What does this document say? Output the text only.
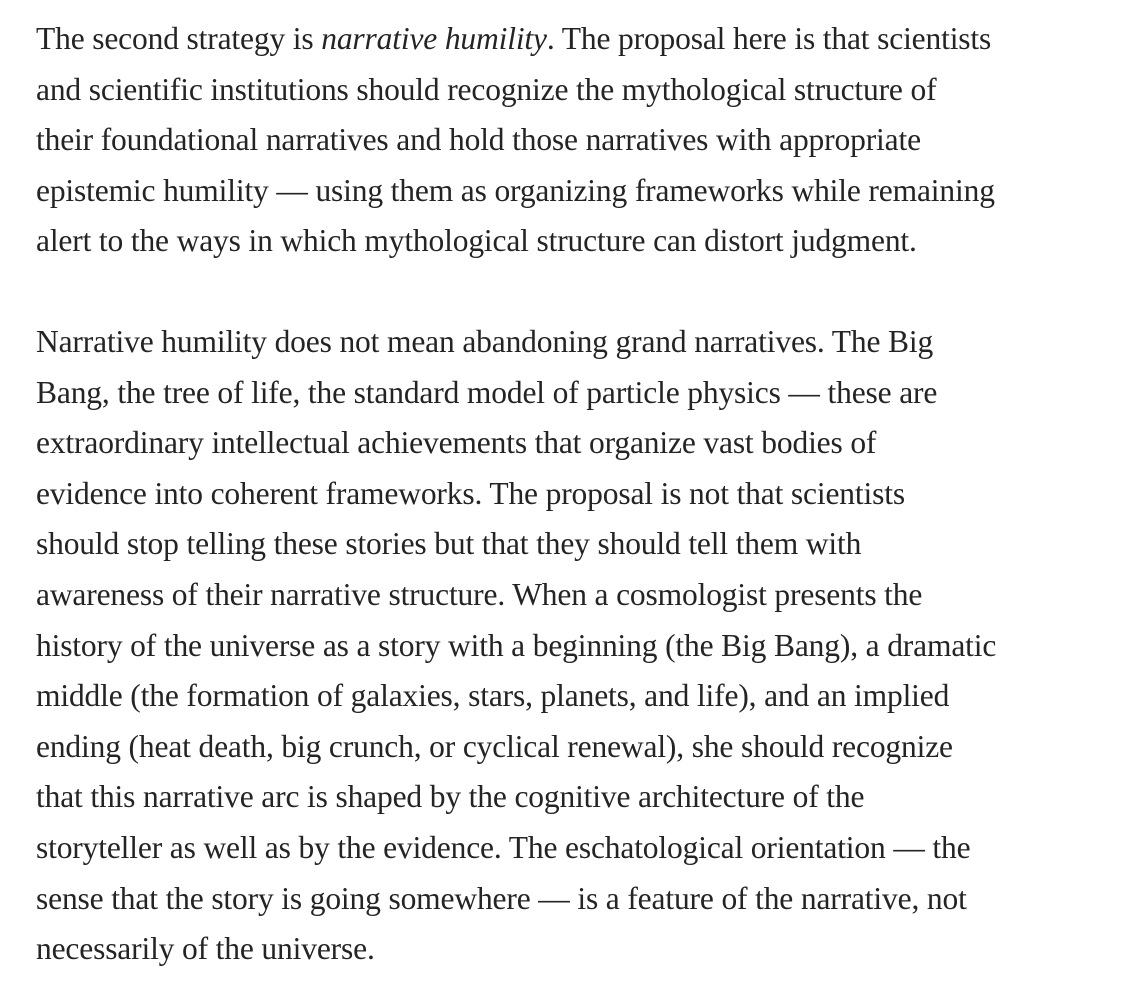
The second strategy is narrative humility. The proposal here is that scientists
and scientific institutions should recognize the mythological structure of
their foundational narratives and hold those narratives with appropriate
epistemic humility — using them as organizing frameworks while remaining
alert to the ways in which mythological structure can distort judgment.

Narrative humility does not mean abandoning grand narratives. The Big
Bang, the tree of life, the standard model of particle physics — these are
extraordinary intellectual achievements that organize vast bodies of
evidence into coherent frameworks. The proposal is not that scientists
should stop telling these stories but that they should tell them with
awareness of their narrative structure. When a cosmologist presents the
history of the universe as a story with a beginning (the Big Bang), a dramatic
middle (the formation of galaxies, stars, planets, and life), and an implied
ending (heat death, big crunch, or cyclical renewal), she should recognize
that this narrative arc is shaped by the cognitive architecture of the
storyteller as well as by the evidence. The eschatological orientation — the
sense that the story is going somewhere — is a feature of the narrative, not
necessarily of the universe.
